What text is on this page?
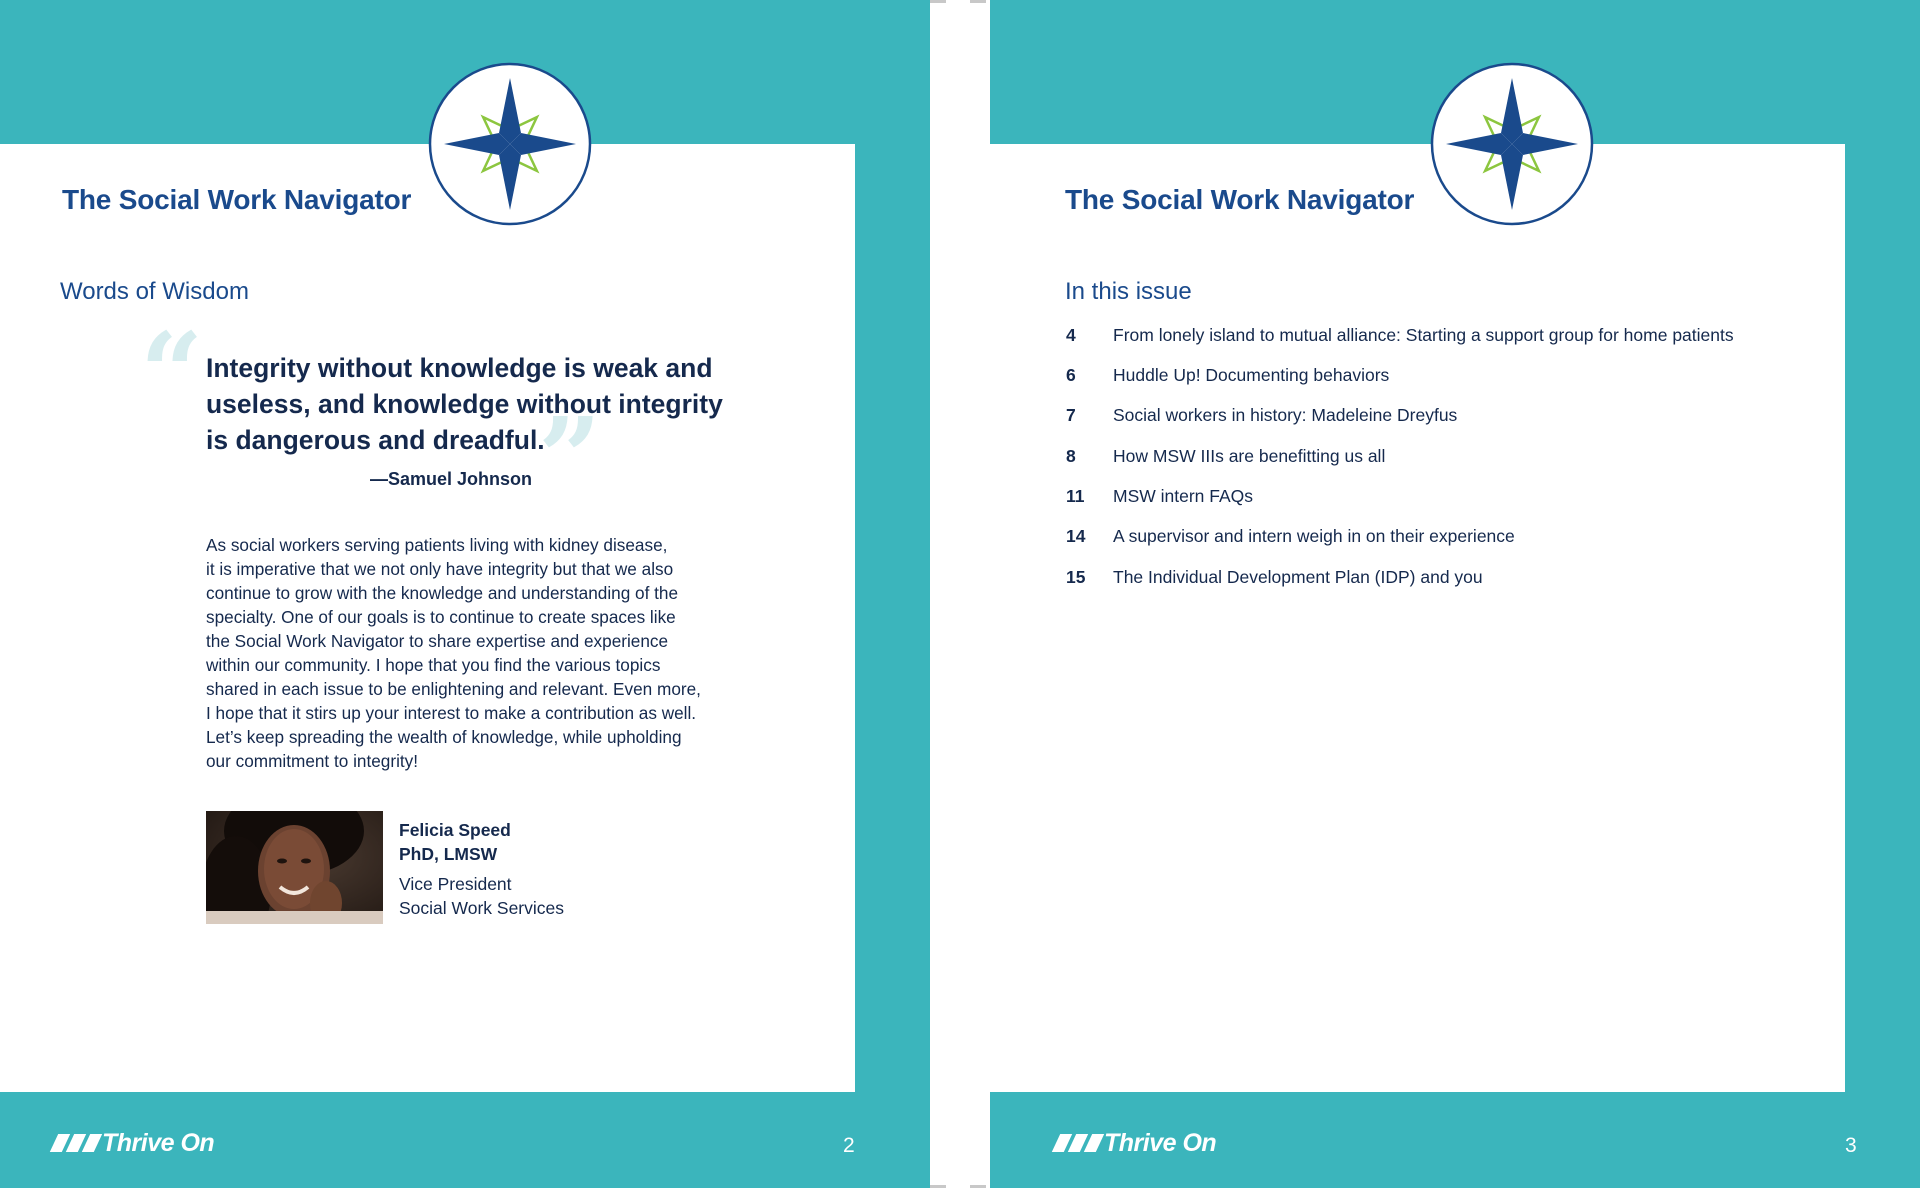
The Social Work Navigator
Words of Wisdom
“ Integrity without knowledge is weak and
useless, and knowledge without integrity
is dangerous and dreadful.
”
—Samuel Johnson
As social workers serving patients living with kidney disease,
it is imperative that we not only have integrity but that we also
continue to grow with the knowledge and understanding of the
specialty. One of our goals is to continue to create spaces like
the Social Work Navigator to share expertise and experience
within our community. I hope that you find the various topics
shared in each issue to be enlightening and relevant. Even more,
I hope that it stirs up your interest to make a contribution as well.
Let’s keep spreading the wealth of knowledge, while upholding
our commitment to integrity!
Felicia Speed
PhD, LMSW
Vice President
Social Work Services
Thrive On	2
The Social Work Navigator
In this issue
4 From lonely island to mutual alliance: Starting a support group for home patients
6 Huddle Up! Documenting behaviors
7 Social workers in history: Madeleine Dreyfus
8 How MSW IIIs are benefitting us all
11 MSW intern FAQs
14 A supervisor and intern weigh in on their experience
15 The Individual Development Plan (IDP) and you
Thrive On	3
